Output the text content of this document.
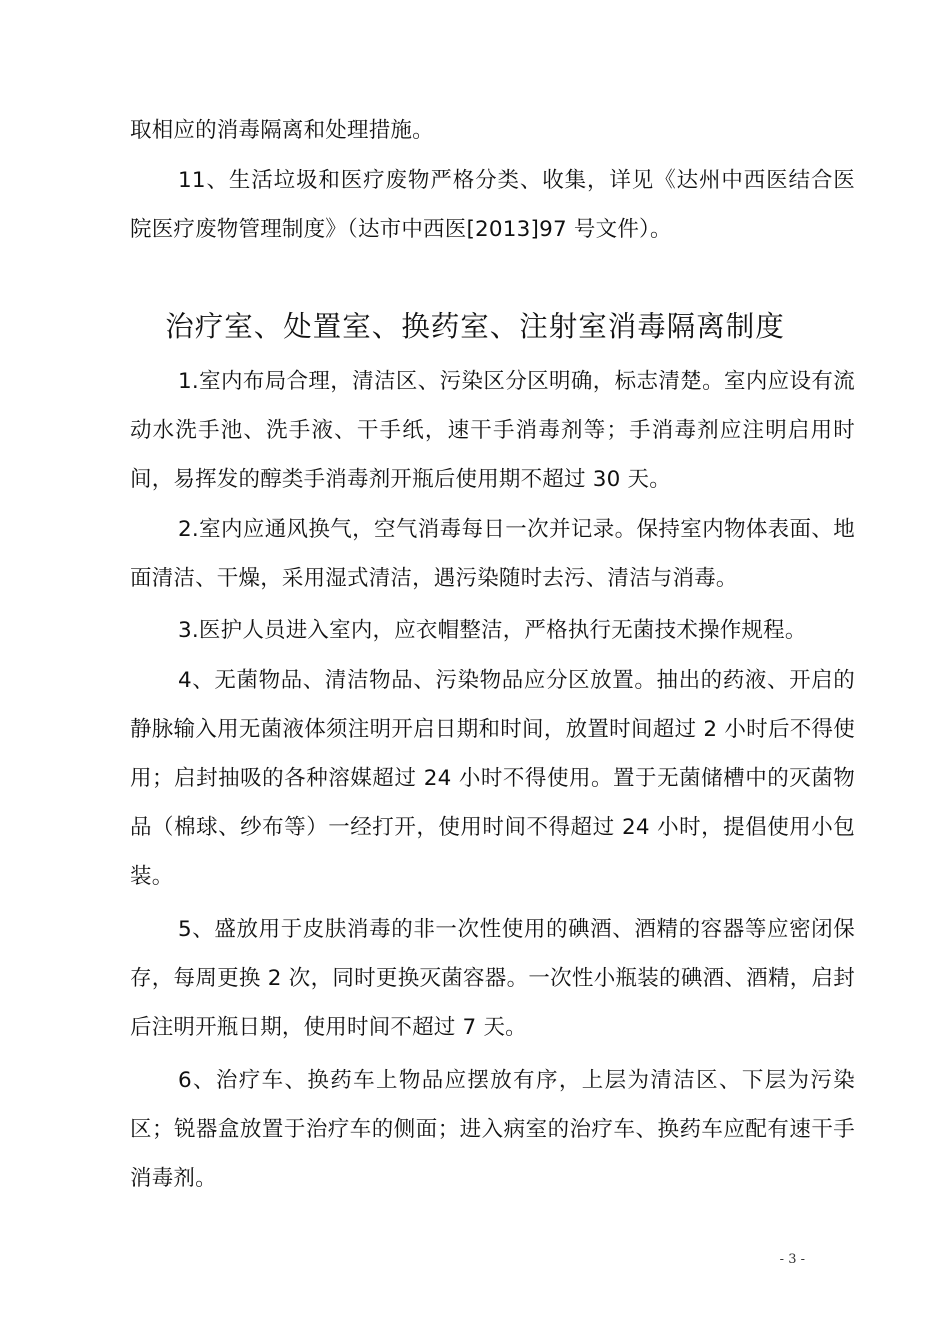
取相应的消毒隔离和处理措施。

11、生活垃圾和医疗废物严格分类、收集，详见《达州中西医结合医院医疗废物管理制度》（达市中西医[2013]97 号文件）。

治疗室、处置室、换药室、注射室消毒隔离制度

1.室内布局合理，清洁区、污染区分区明确，标志清楚。室内应设有流动水洗手池、洗手液、干手纸，速干手消毒剂等；手消毒剂应注明启用时间，易挥发的醇类手消毒剂开瓶后使用期不超过 30 天。

2.室内应通风换气，空气消毒每日一次并记录。保持室内物体表面、地面清洁、干燥，采用湿式清洁，遇污染随时去污、清洁与消毒。

3.医护人员进入室内，应衣帽整洁，严格执行无菌技术操作规程。

4、无菌物品、清洁物品、污染物品应分区放置。抽出的药液、开启的静脉输入用无菌液体须注明开启日期和时间，放置时间超过 2 小时后不得使用；启封抽吸的各种溶媒超过 24 小时不得使用。置于无菌储槽中的灭菌物品（棉球、纱布等）一经打开，使用时间不得超过 24 小时，提倡使用小包装。

5、盛放用于皮肤消毒的非一次性使用的碘酒、酒精的容器等应密闭保存，每周更换 2 次，同时更换灭菌容器。一次性小瓶装的碘酒、酒精，启封后注明开瓶日期，使用时间不超过 7 天。

6、治疗车、换药车上物品应摆放有序，上层为清洁区、下层为污染区；锐器盒放置于治疗车的侧面；进入病室的治疗车、换药车应配有速干手消毒剂。

- 3 -
